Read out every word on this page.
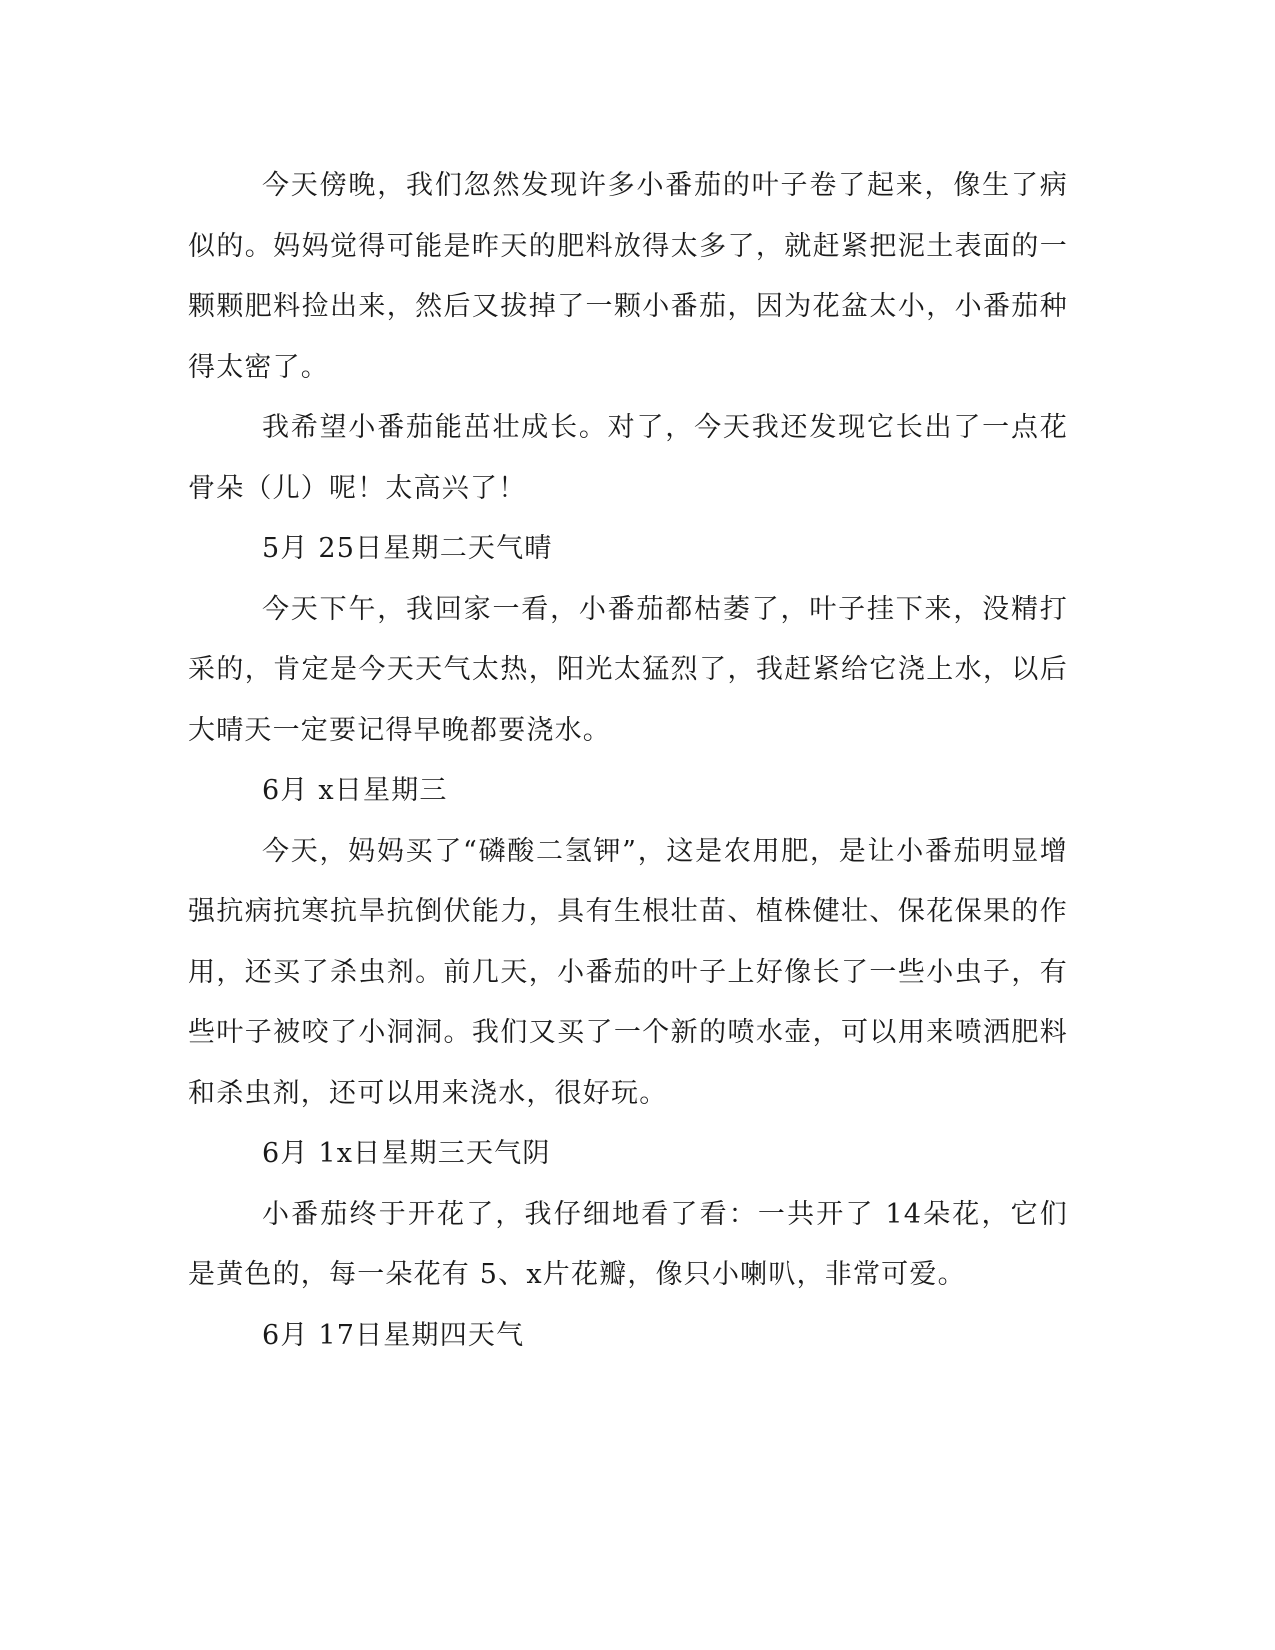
今天傍晚，我们忽然发现许多小番茄的叶子卷了起来，像生了病似的。妈妈觉得可能是昨天的肥料放得太多了，就赶紧把泥土表面的一颗颗肥料捡出来，然后又拔掉了一颗小番茄，因为花盆太小，小番茄种得太密了。

我希望小番茄能茁壮成长。对了，今天我还发现它长出了一点花骨朵（儿）呢！太高兴了！

5月 25日星期二天气晴

今天下午，我回家一看，小番茄都枯萎了，叶子挂下来，没精打采的，肯定是今天天气太热，阳光太猛烈了，我赶紧给它浇上水，以后大晴天一定要记得早晚都要浇水。

6月 x日星期三

今天，妈妈买了“磷酸二氢钾”，这是农用肥，是让小番茄明显增强抗病抗寒抗旱抗倒伏能力，具有生根壮苗、植株健壮、保花保果的作用，还买了杀虫剂。前几天，小番茄的叶子上好像长了一些小虫子，有些叶子被咬了小洞洞。我们又买了一个新的喷水壶，可以用来喷洒肥料和杀虫剂，还可以用来浇水，很好玩。

6月 1x日星期三天气阴

小番茄终于开花了，我仔细地看了看：一共开了 14朵花，它们是黄色的，每一朵花有 5、x片花瓣，像只小喇叭，非常可爱。

6月 17日星期四天气
